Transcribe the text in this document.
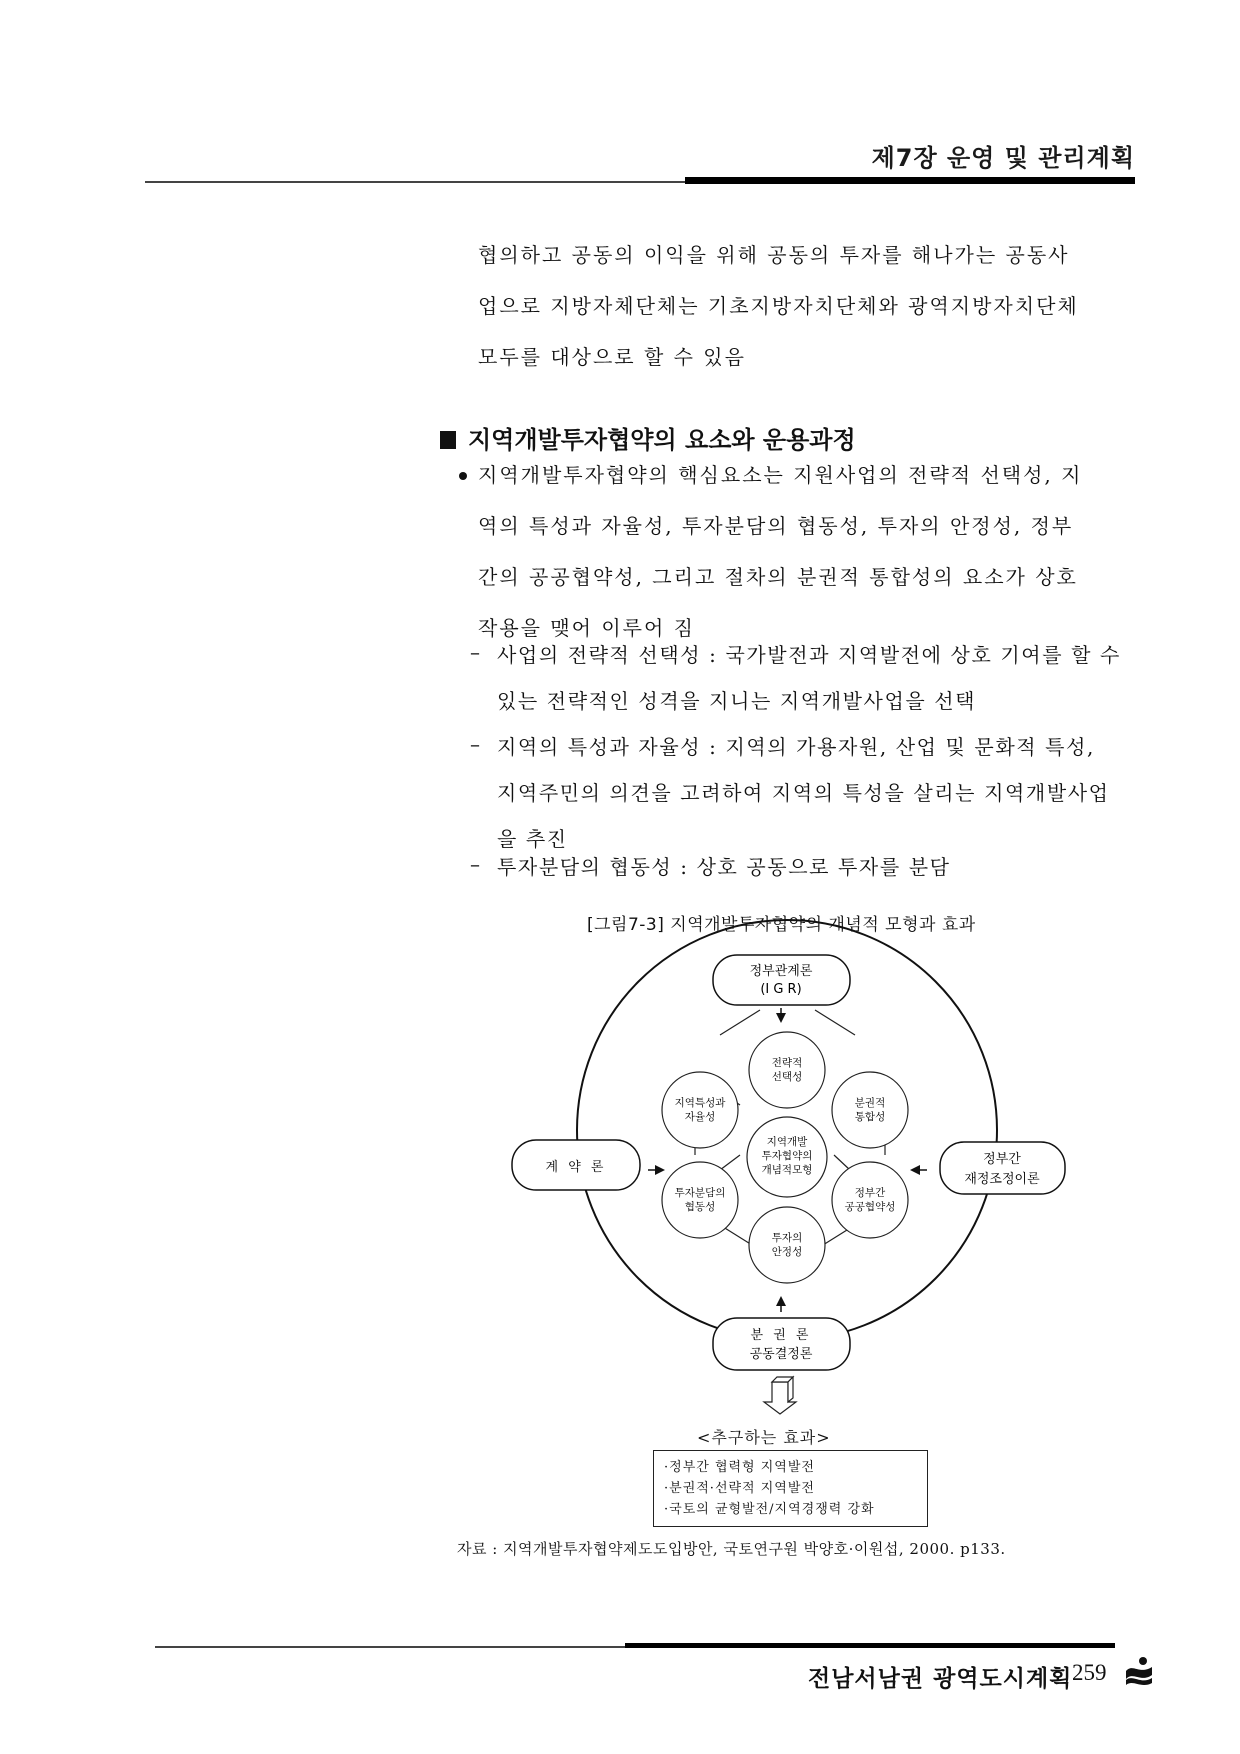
제7장 운영 및 관리계획
협의하고 공동의 이익을 위해 공동의 투자를 해나가는 공동사
업으로 지방자체단체는 기초지방자치단체와 광역지방자치단체
모두를 대상으로 할 수 있음
지역개발투자협약의 요소와 운용과정
지역개발투자협약의 핵심요소는 지원사업의 전략적 선택성, 지
역의 특성과 자율성, 투자분담의 협동성, 투자의 안정성, 정부
간의 공공협약성, 그리고 절차의 분권적 통합성의 요소가 상호
작용을 맺어 이루어 짐
– 사업의 전략적 선택성 : 국가발전과 지역발전에 상호 기여를 할 수
있는 전략적인 성격을 지니는 지역개발사업을 선택
– 지역의 특성과 자율성 : 지역의 가용자원, 산업 및 문화적 특성,
지역주민의 의견을 고려하여 지역의 특성을 살리는 지역개발사업
을 추진
– 투자분담의 협동성 : 상호 공동으로 투자를 분담
[그림7-3] 지역개발투자협약의 개념적 모형과 효과
정부관계론
(I G R)
계 약 론
정부간
재정조정이론
분 권 론
공동결정론
전략적
선택성
분권적
통합성
정부간
공공협약성
투자의
안정성
투자분담의
협동성
지역특성과
자율성
지역개발
투자협약의
개념적모형
<추구하는 효과>
·정부간 협력형 지역발전
·분권적·선략적 지역발전
·국토의 균형발전/지역경쟁력 강화
자료 : 지역개발투자협약제도도입방안, 국토연구원 박양호·이원섭, 2000. p133.
전남서남권 광역도시계획 259
